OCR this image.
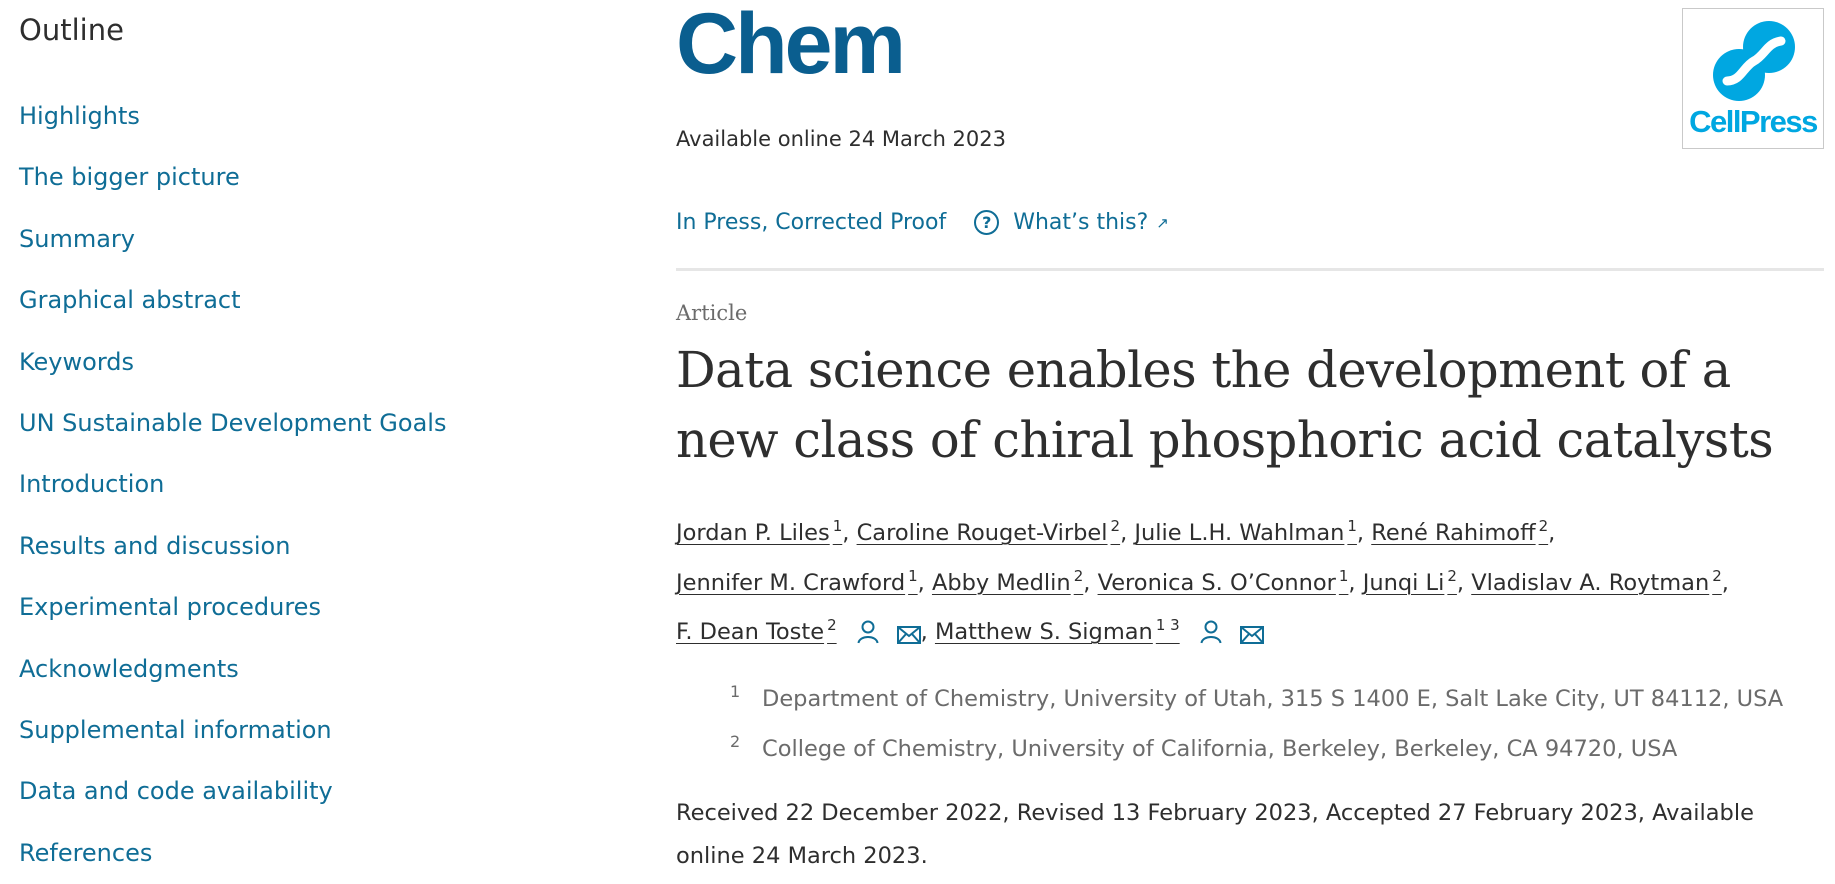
Outline
Highlights
The bigger picture
Summary
Graphical abstract
Keywords
UN Sustainable Development Goals
Introduction
Results and discussion
Experimental procedures
Acknowledgments
Supplemental information
Data and code availability
References
Chem
CellPress
Available online 24 March 2023
In Press, Corrected Proof	? What’s this? ↗
Article
Data science enables the development of a new class of chiral phosphoric acid catalysts
Jordan P. Liles $^1$, Caroline Rouget-Virbel $^2$, Julie L.H. Wahlman $^1$, René Rahimoff $^2$,
Jennifer M. Crawford $^1$, Abby Medlin $^2$, Veronica S. O’Connor $^1$, Junqi Li $^2$, Vladislav A. Roytman $^2$,
F. Dean Toste $^2$	, Matthew S. Sigman $^{1 3}$
$^1$ Department of Chemistry, University of Utah, 315 S 1400 E, Salt Lake City, UT 84112, USA
$^2$ College of Chemistry, University of California, Berkeley, Berkeley, CA 94720, USA
Received 22 December 2022, Revised 13 February 2023, Accepted 27 February 2023, Available online 24 March 2023.
